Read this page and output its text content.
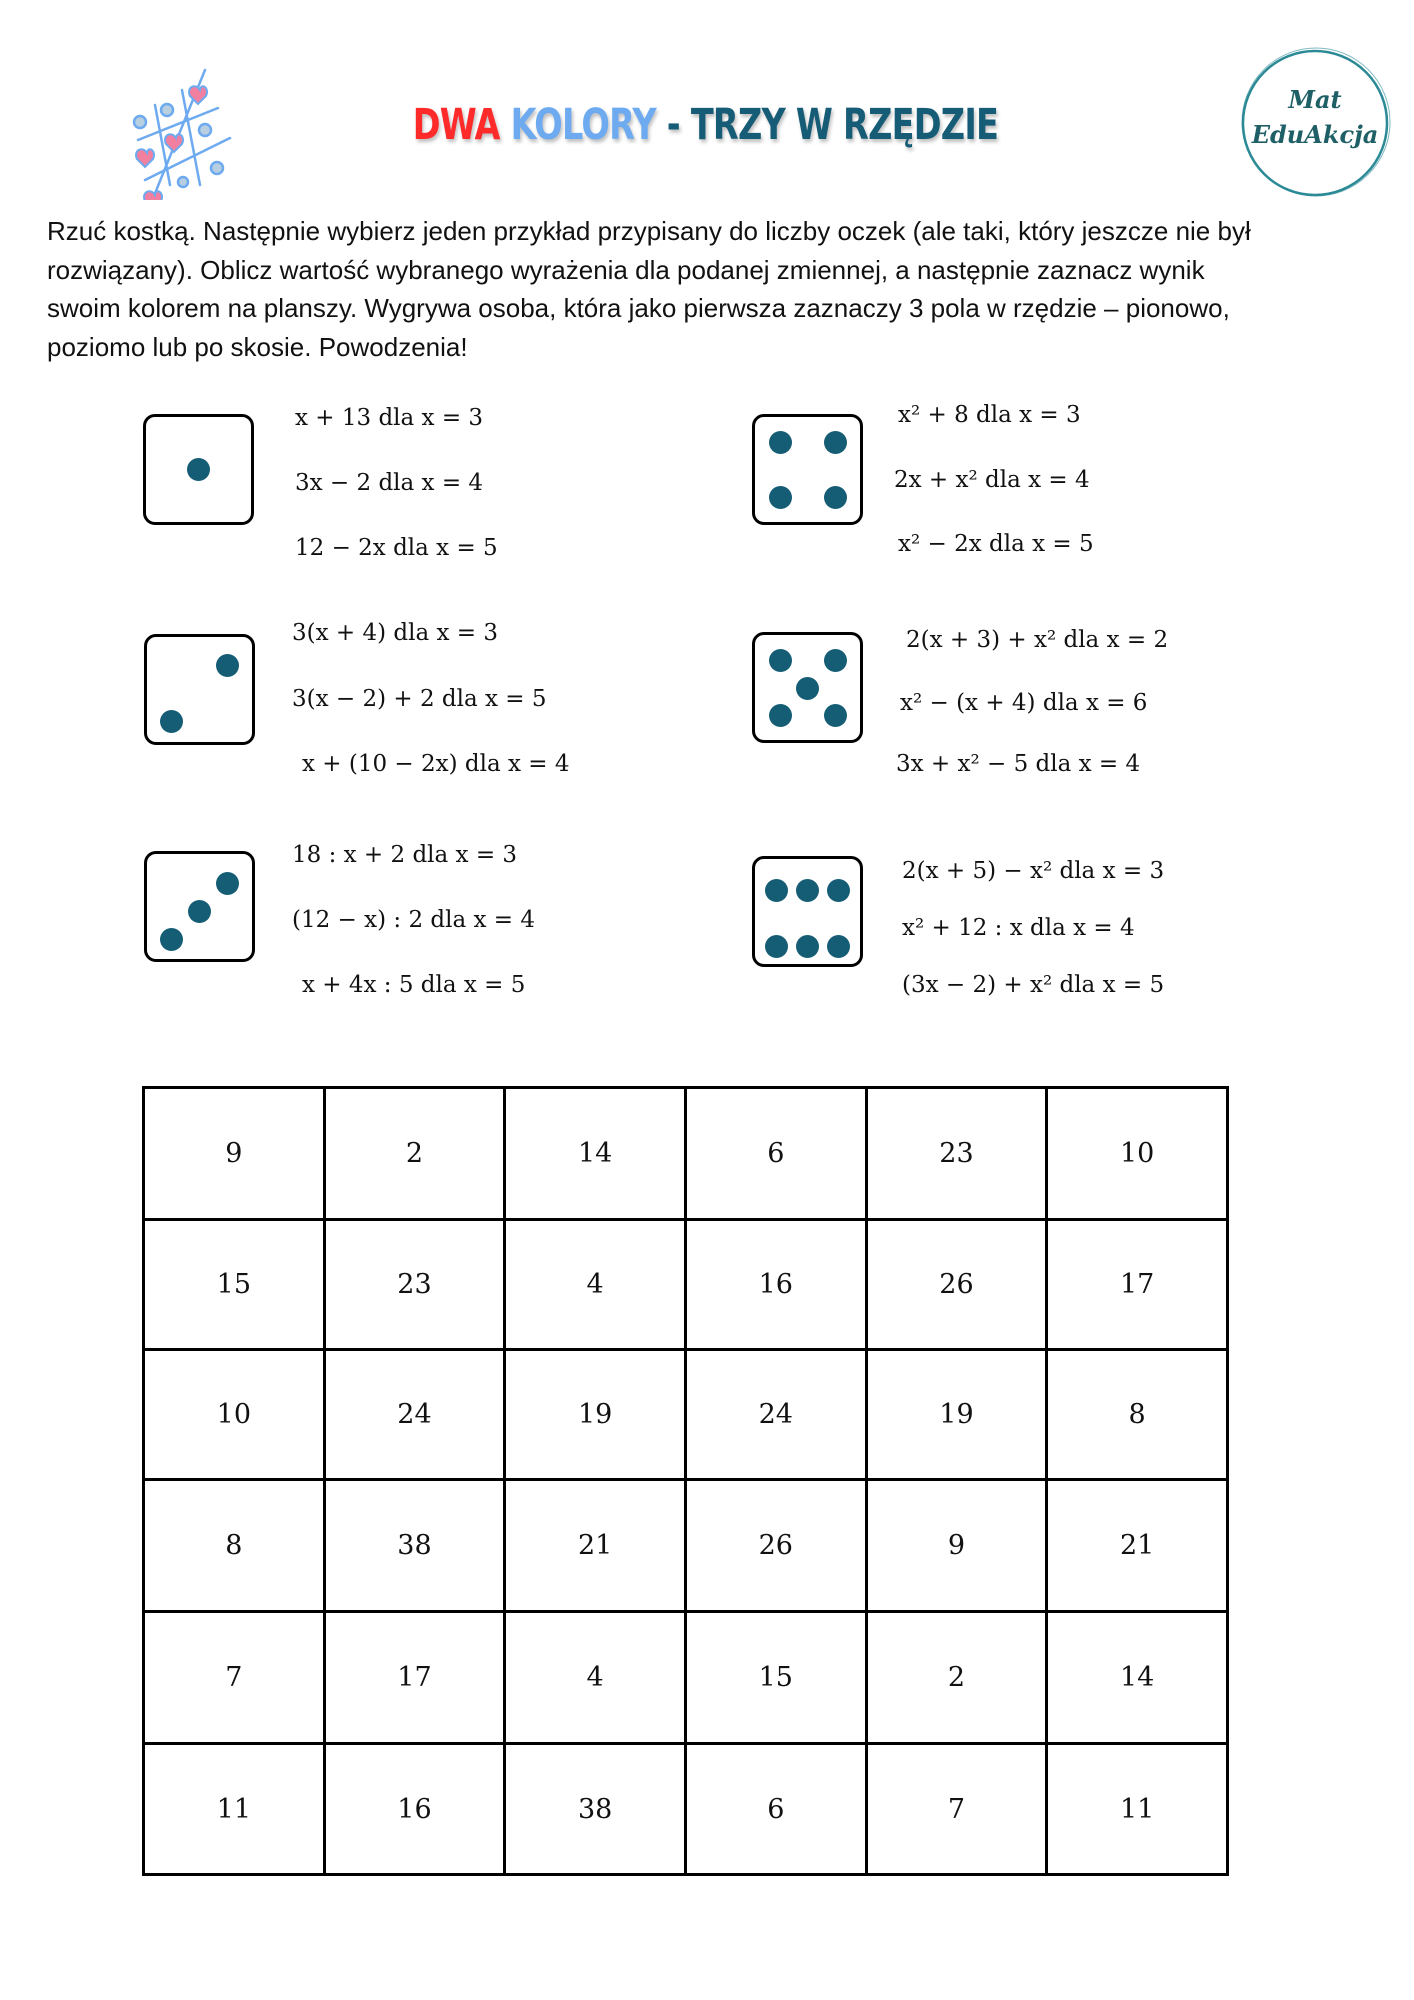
DWA KOLORY - TRZY W RZĘDZIE
Mat
EduAkcja
Rzuć kostką. Następnie wybierz jeden przykład przypisany do liczby oczek (ale taki, który jeszcze nie był
rozwiązany). Oblicz wartość wybranego wyrażenia dla podanej zmiennej, a następnie zaznacz wynik
swoim kolorem na planszy. Wygrywa osoba, która jako pierwsza zaznaczy 3 pola w rzędzie – pionowo,
poziomo lub po skosie. Powodzenia!
x + 13 dla x = 3
3x − 2 dla x = 4
12 − 2x dla x = 5
3(x + 4) dla x = 3
3(x − 2) + 2 dla x = 5
x + (10 − 2x) dla x = 4
18 : x + 2 dla x = 3
(12 − x) : 2 dla x = 4
x + 4x : 5 dla x = 5
x² + 8 dla x = 3
2x + x² dla x = 4
x² − 2x dla x = 5
2(x + 3) + x² dla x = 2
x² − (x + 4) dla x = 6
3x + x² − 5 dla x = 4
2(x + 5) − x² dla x = 3
x² + 12 : x dla x = 4
(3x − 2) + x² dla x = 5
9	2	14	6	23	10
15	23	4	16	26	17
10	24	19	24	19	8
8	38	21	26	9	21
7	17	4	15	2	14
11	16	38	6	7	11
